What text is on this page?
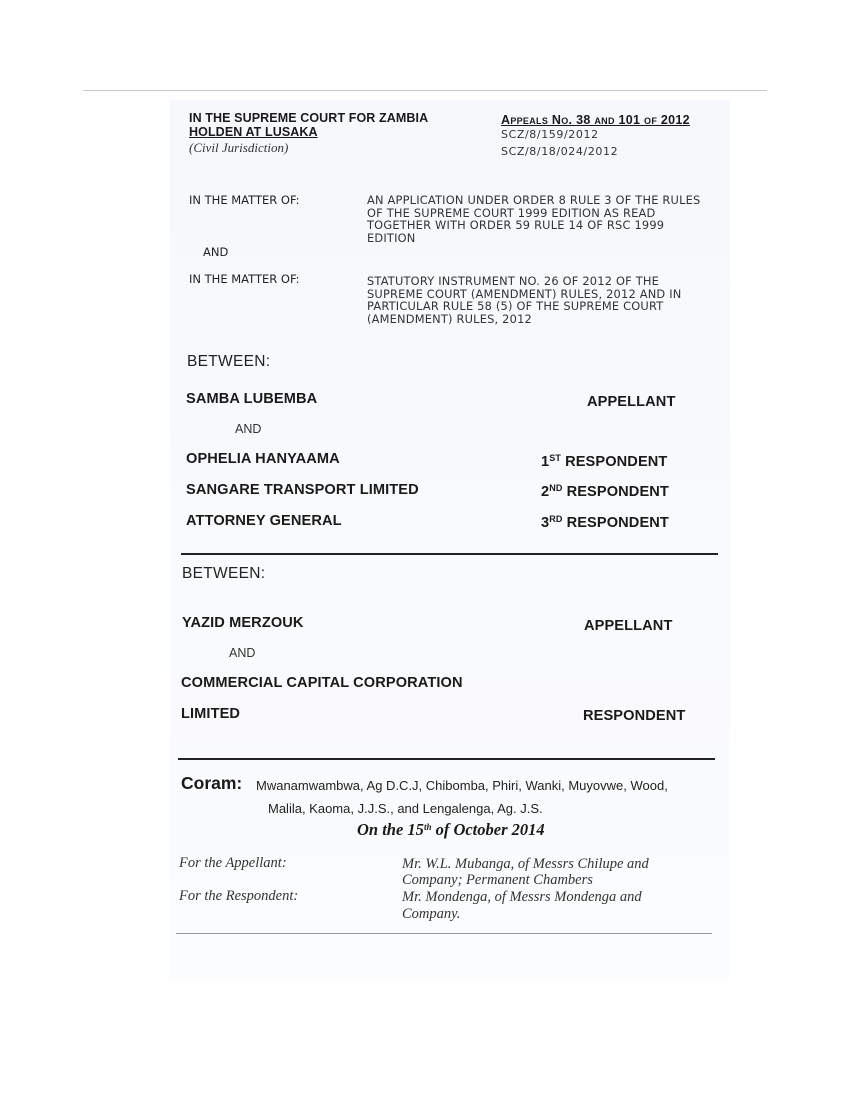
IN THE SUPREME COURT FOR ZAMBIA
HOLDEN AT LUSAKA
(Civil Jurisdiction)
Appeals No. 38 and 101 of 2012
SCZ/8/159/2012
SCZ/8/18/024/2012
IN THE MATTER OF:	AN APPLICATION UNDER ORDER 8 RULE 3 OF THE RULES OF THE SUPREME COURT 1999 EDITION AS READ TOGETHER WITH ORDER 59 RULE 14 OF RSC 1999 EDITION
AND
IN THE MATTER OF:	STATUTORY INSTRUMENT NO. 26 OF 2012 OF THE SUPREME COURT (AMENDMENT) RULES, 2012 AND IN PARTICULAR RULE 58 (5) OF THE SUPREME COURT (AMENDMENT) RULES, 2012
BETWEEN:
SAMBA LUBEMBA	APPELLANT
AND
OPHELIA HANYAAMA	1ST RESPONDENT
SANGARE TRANSPORT LIMITED	2ND RESPONDENT
ATTORNEY GENERAL	3RD RESPONDENT
BETWEEN:
YAZID MERZOUK	APPELLANT
AND
COMMERCIAL CAPITAL CORPORATION
LIMITED	RESPONDENT
Coram: Mwanamwambwa, Ag D.C.J, Chibomba, Phiri, Wanki, Muyovwe, Wood,
Malila, Kaoma, J.J.S., and Lengalenga, Ag. J.S.
On the 15th of October 2014
For the Appellant:	Mr. W.L. Mubanga, of Messrs Chilupe and
Company; Permanent Chambers
For the Respondent:	Mr. Mondenga, of Messrs Mondenga and
Company.
